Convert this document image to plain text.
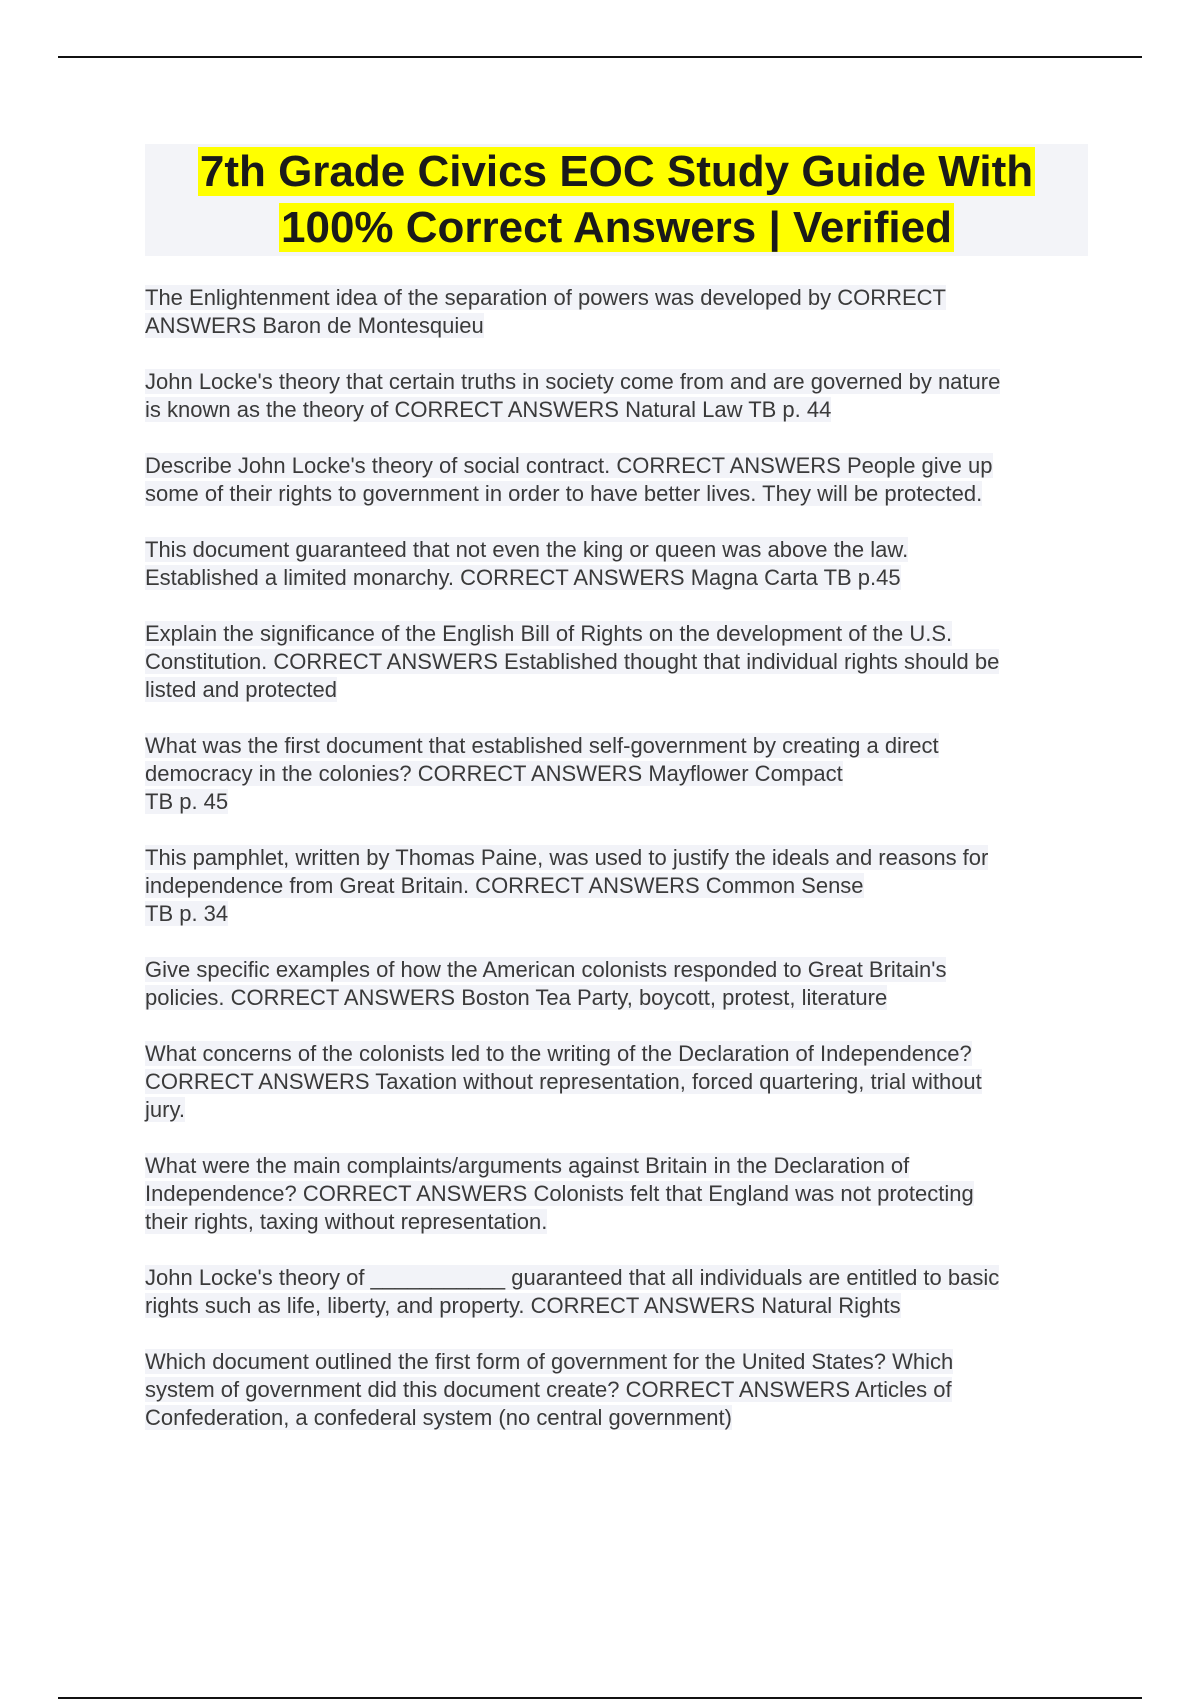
7th Grade Civics EOC Study Guide With
100% Correct Answers | Verified
The Enlightenment idea of the separation of powers was developed by CORRECT
ANSWERS Baron de Montesquieu
John Locke's theory that certain truths in society come from and are governed by nature
is known as the theory of CORRECT ANSWERS Natural Law TB p. 44
Describe John Locke's theory of social contract. CORRECT ANSWERS People give up
some of their rights to government in order to have better lives. They will be protected.
This document guaranteed that not even the king or queen was above the law.
Established a limited monarchy. CORRECT ANSWERS Magna Carta TB p.45
Explain the significance of the English Bill of Rights on the development of the U.S.
Constitution. CORRECT ANSWERS Established thought that individual rights should be
listed and protected
What was the first document that established self-government by creating a direct
democracy in the colonies? CORRECT ANSWERS Mayflower Compact
TB p. 45
This pamphlet, written by Thomas Paine, was used to justify the ideals and reasons for
independence from Great Britain. CORRECT ANSWERS Common Sense
TB p. 34
Give specific examples of how the American colonists responded to Great Britain's
policies. CORRECT ANSWERS Boston Tea Party, boycott, protest, literature
What concerns of the colonists led to the writing of the Declaration of Independence?
CORRECT ANSWERS Taxation without representation, forced quartering, trial without
jury.
What were the main complaints/arguments against Britain in the Declaration of
Independence? CORRECT ANSWERS Colonists felt that England was not protecting
their rights, taxing without representation.
John Locke's theory of ___________ guaranteed that all individuals are entitled to basic
rights such as life, liberty, and property. CORRECT ANSWERS Natural Rights
Which document outlined the first form of government for the United States? Which
system of government did this document create? CORRECT ANSWERS Articles of
Confederation, a confederal system (no central government)
